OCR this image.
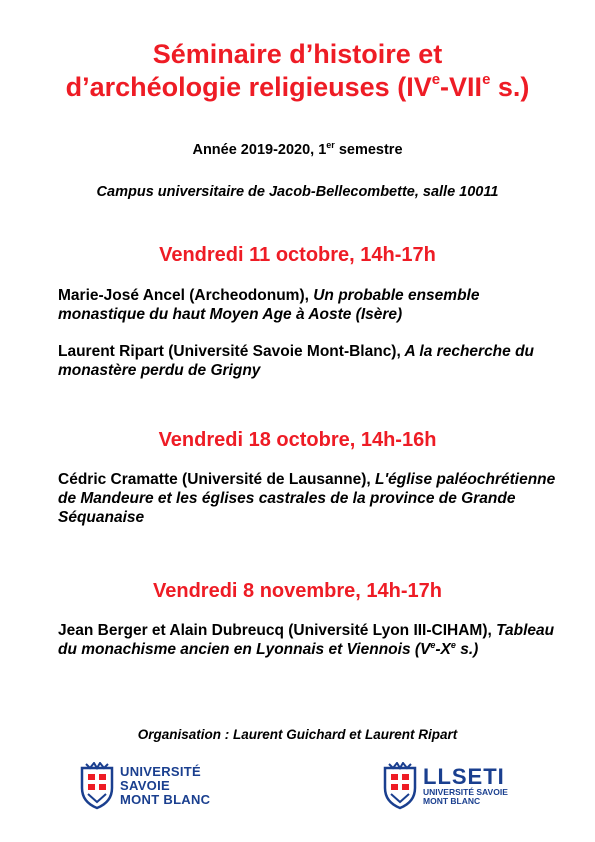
Séminaire d’histoire et
d’archéologie religieuses (IVe-VIIe s.)
Année 2019-2020, 1er semestre
Campus universitaire de Jacob-Bellecombette, salle 10011
Vendredi 11 octobre, 14h-17h
Marie-José Ancel (Archeodonum), Un probable ensemble monastique du haut Moyen Age à Aoste (Isère)
Laurent Ripart (Université Savoie Mont-Blanc), A la recherche du monastère perdu de Grigny
Vendredi 18 octobre, 14h-16h
Cédric Cramatte (Université de Lausanne), L'église paléochrétienne de Mandeure et les églises castrales de la province de Grande Séquanaise
Vendredi 8 novembre, 14h-17h
Jean Berger et Alain Dubreucq (Université Lyon III-CIHAM), Tableau du monachisme ancien en Lyonnais et Viennois (Ve-Xe s.)
Organisation : Laurent Guichard et Laurent Ripart
UNIVERSITÉ
SAVOIE
MONT BLANC
LLSETI
UNIVERSITÉ SAVOIE
MONT BLANC
